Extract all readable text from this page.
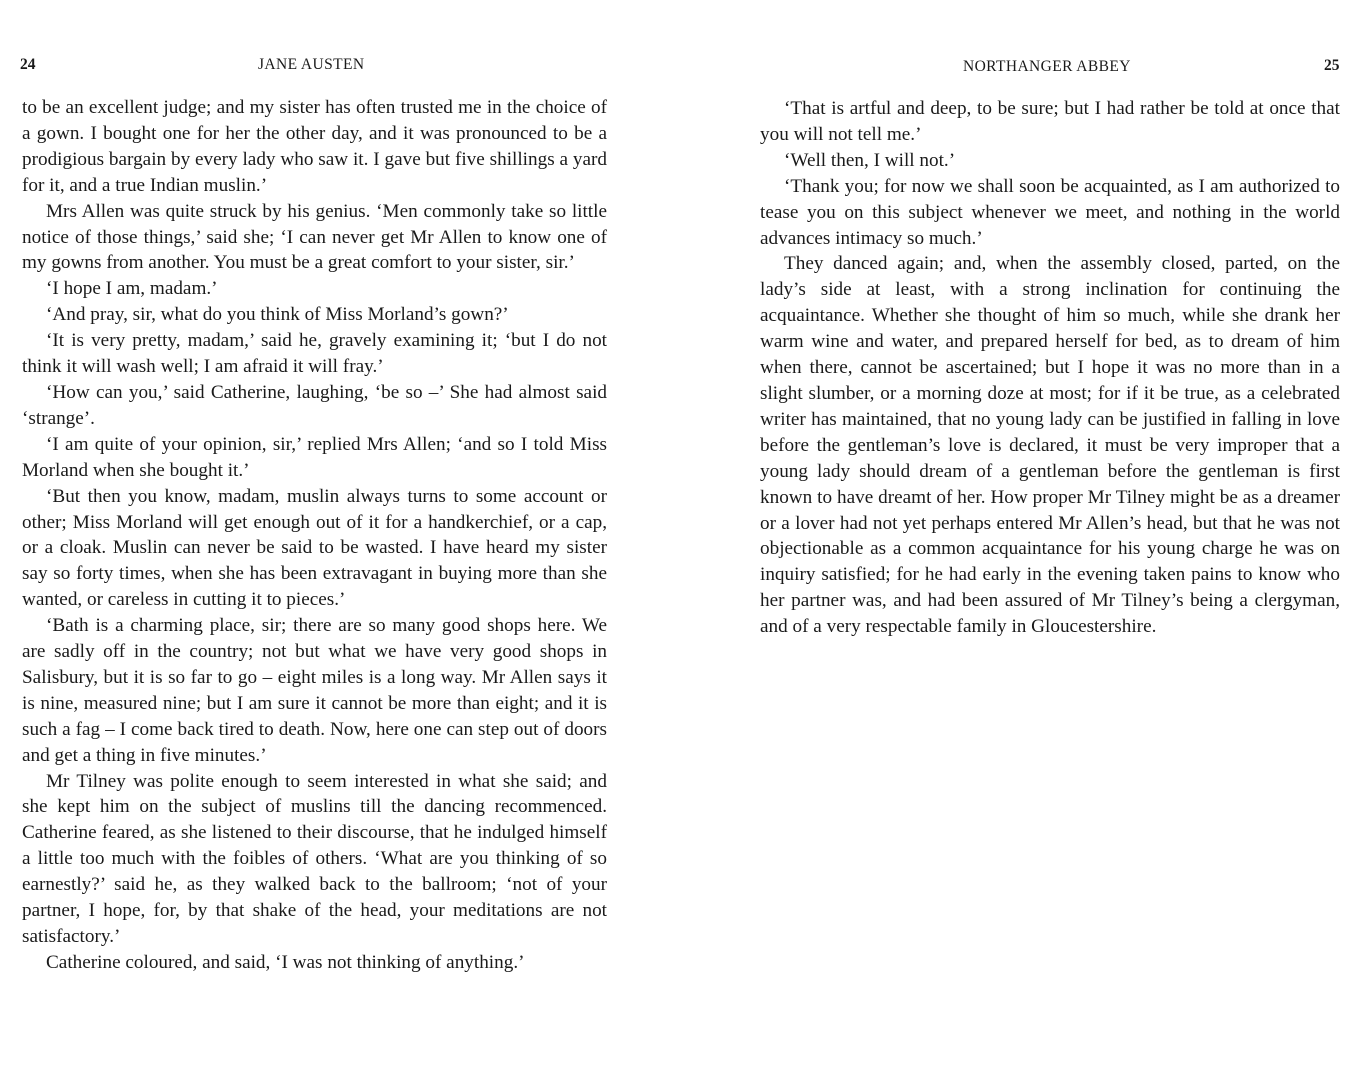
24	JANE AUSTEN

to be an excellent judge; and my sister has often trusted me in the choice of a gown. I bought one for her the other day, and it was pronounced to be a prodigious bargain by every lady who saw it. I gave but five shillings a yard for it, and a true Indian muslin.’

Mrs Allen was quite struck by his genius. ‘Men commonly take so little notice of those things,’ said she; ‘I can never get Mr Allen to know one of my gowns from another. You must be a great comfort to your sister, sir.’

‘I hope I am, madam.’

‘And pray, sir, what do you think of Miss Morland’s gown?’

‘It is very pretty, madam,’ said he, gravely examining it; ‘but I do not think it will wash well; I am afraid it will fray.’

‘How can you,’ said Catherine, laughing, ‘be so –’ She had almost said ‘strange’.

‘I am quite of your opinion, sir,’ replied Mrs Allen; ‘and so I told Miss Morland when she bought it.’

‘But then you know, madam, muslin always turns to some account or other; Miss Morland will get enough out of it for a handkerchief, or a cap, or a cloak. Muslin can never be said to be wasted. I have heard my sister say so forty times, when she has been extravagant in buying more than she wanted, or careless in cutting it to pieces.’

‘Bath is a charming place, sir; there are so many good shops here. We are sadly off in the country; not but what we have very good shops in Salisbury, but it is so far to go – eight miles is a long way. Mr Allen says it is nine, measured nine; but I am sure it cannot be more than eight; and it is such a fag – I come back tired to death. Now, here one can step out of doors and get a thing in five minutes.’

Mr Tilney was polite enough to seem interested in what she said; and she kept him on the subject of muslins till the dancing recommenced. Catherine feared, as she listened to their discourse, that he indulged himself a little too much with the foibles of others. ‘What are you thinking of so earnestly?’ said he, as they walked back to the ballroom; ‘not of your partner, I hope, for, by that shake of the head, your meditations are not satisfactory.’

Catherine coloured, and said, ‘I was not thinking of anything.’

NORTHANGER ABBEY	25

‘That is artful and deep, to be sure; but I had rather be told at once that you will not tell me.’

‘Well then, I will not.’

‘Thank you; for now we shall soon be acquainted, as I am authorized to tease you on this subject whenever we meet, and nothing in the world advances intimacy so much.’

They danced again; and, when the assembly closed, parted, on the lady’s side at least, with a strong inclination for continuing the acquaintance. Whether she thought of him so much, while she drank her warm wine and water, and prepared herself for bed, as to dream of him when there, cannot be ascertained; but I hope it was no more than in a slight slumber, or a morning doze at most; for if it be true, as a celebrated writer has maintained, that no young lady can be justified in falling in love before the gentleman’s love is declared, it must be very improper that a young lady should dream of a gentleman before the gentleman is first known to have dreamt of her. How proper Mr Tilney might be as a dreamer or a lover had not yet perhaps entered Mr Allen’s head, but that he was not objectionable as a common acquaintance for his young charge he was on inquiry satisfied; for he had early in the evening taken pains to know who her partner was, and had been assured of Mr Tilney’s being a clergyman, and of a very respectable family in Gloucestershire.
